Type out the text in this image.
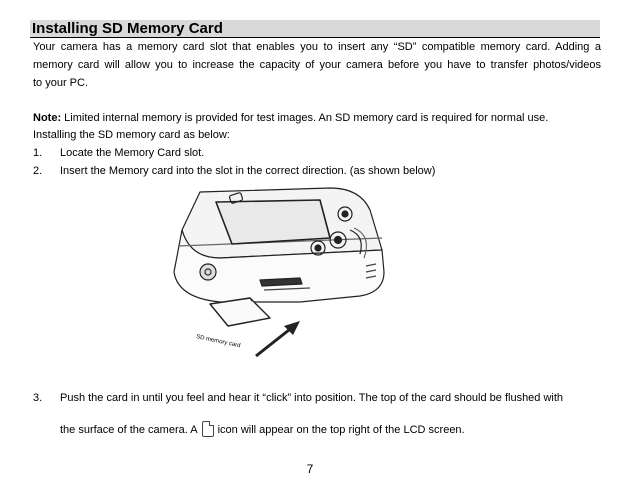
Installing SD Memory Card
Your camera has a memory card slot that enables you to insert any “SD” compatible memory card. Adding a
memory card will allow you to increase the capacity of your camera before you have to transfer photos/videos
to your PC.
Note: Limited internal memory is provided for test images. An SD memory card is required for normal use.
Installing the SD memory card as below:
1. Locate the Memory Card slot.
2. Insert the Memory card into the slot in the correct direction. (as shown below)
SD memory card
3. Push the card in until you feel and hear it “click” into position. The top of the card should be flushed with
the surface of the camera. A icon will appear on the top right of the LCD screen.
7
